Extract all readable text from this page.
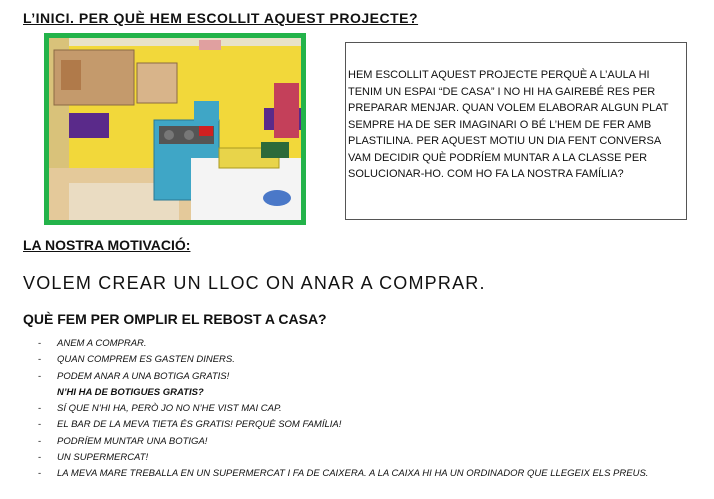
L’INICI. PER QUÈ HEM ESCOLLIT AQUEST PROJECTE?

HEM ESCOLLIT AQUEST PROJECTE PERQUÈ A L’AULA HI TENIM UN ESPAI “DE CASA” I NO HI HA GAIREBÉ RES PER PREPARAR MENJAR. QUAN VOLEM ELABORAR ALGUN PLAT SEMPRE HA DE SER IMAGINARI O BÉ L’HEM DE FER AMB PLASTILINA. PER AQUEST MOTIU UN DIA FENT CONVERSA VAM DECIDIR QUÈ PODRÍEM MUNTAR A LA CLASSE PER SOLUCIONAR-HO. COM HO FA LA NOSTRA FAMÍLIA?

LA NOSTRA MOTIVACIÓ:
VOLEM CREAR UN LLOC ON ANAR A COMPRAR.
QUÈ FEM PER OMPLIR EL REBOST A CASA?
- ANEM A COMPRAR.
- QUAN COMPREM ES GASTEN DINERS.
- PODEM ANAR A UNA BOTIGA GRATIS!
N’HI HA DE BOTIGUES GRATIS?
- SÍ QUE N’HI HA, PERÒ JO NO N’HE VIST MAI CAP.
- EL BAR DE LA MEVA TIETA ÉS GRATIS! PERQUÈ SOM FAMÍLIA!
- PODRÍEM MUNTAR UNA BOTIGA!
- UN SUPERMERCAT!
- LA MEVA MARE TREBALLA EN UN SUPERMERCAT I FA DE CAIXERA. A LA CAIXA HI HA UN ORDINADOR QUE LLEGEIX ELS PREUS.
